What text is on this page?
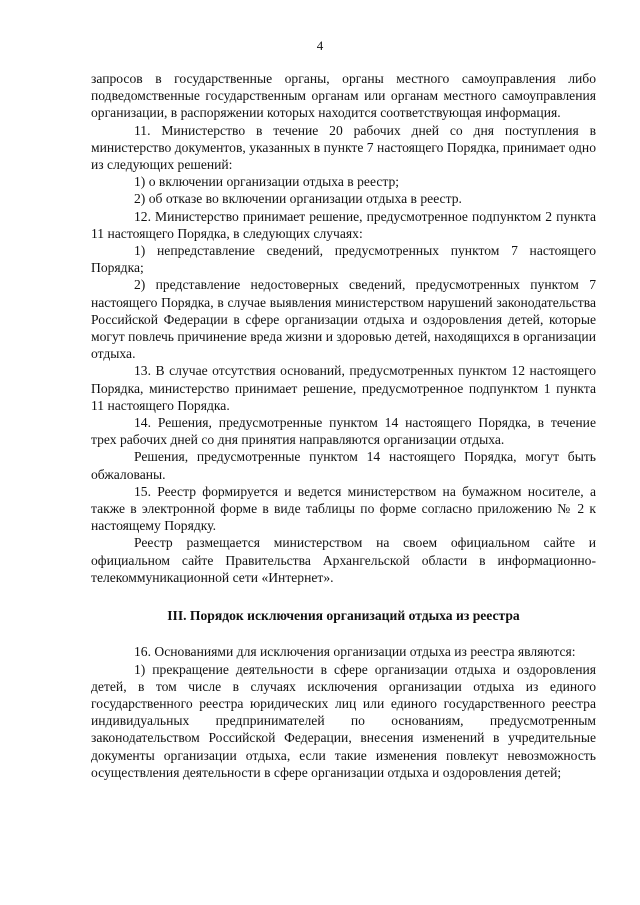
4

запросов в государственные органы, органы местного самоуправления либо подведомственные государственным органам или органам местного самоуправления организации, в распоряжении которых находится соответствующая информация.

11. Министерство в течение 20 рабочих дней со дня поступления в министерство документов, указанных в пункте 7 настоящего Порядка, принимает одно из следующих решений:

1) о включении организации отдыха в реестр;

2) об отказе во включении организации отдыха в реестр.

12. Министерство принимает решение, предусмотренное подпунктом 2 пункта 11 настоящего Порядка, в следующих случаях:

1) непредставление сведений, предусмотренных пунктом 7 настоящего Порядка;

2) представление недостоверных сведений, предусмотренных пунктом 7 настоящего Порядка, в случае выявления министерством нарушений законодательства Российской Федерации в сфере организации отдыха и оздоровления детей, которые могут повлечь причинение вреда жизни и здоровью детей, находящихся в организации отдыха.

13. В случае отсутствия оснований, предусмотренных пунктом 12 настоящего Порядка, министерство принимает решение, предусмотренное подпунктом 1 пункта 11 настоящего Порядка.

14. Решения, предусмотренные пунктом 14 настоящего Порядка, в течение трех рабочих дней со дня принятия направляются организации отдыха.

Решения, предусмотренные пунктом 14 настоящего Порядка, могут быть обжалованы.

15. Реестр формируется и ведется министерством на бумажном носителе, а также в электронной форме в виде таблицы по форме согласно приложению № 2 к настоящему Порядку.

Реестр размещается министерством на своем официальном сайте и официальном сайте Правительства Архангельской области в информационно-телекоммуникационной сети «Интернет».

III. Порядок исключения организаций отдыха из реестра

16. Основаниями для исключения организации отдыха из реестра являются:

1) прекращение деятельности в сфере организации отдыха и оздоровления детей, в том числе в случаях исключения организации отдыха из единого государственного реестра юридических лиц или единого государственного реестра индивидуальных предпринимателей по основаниям, предусмотренным законодательством Российской Федерации, внесения изменений в учредительные документы организации отдыха, если такие изменения повлекут невозможность осуществления деятельности в сфере организации отдыха и оздоровления детей;
